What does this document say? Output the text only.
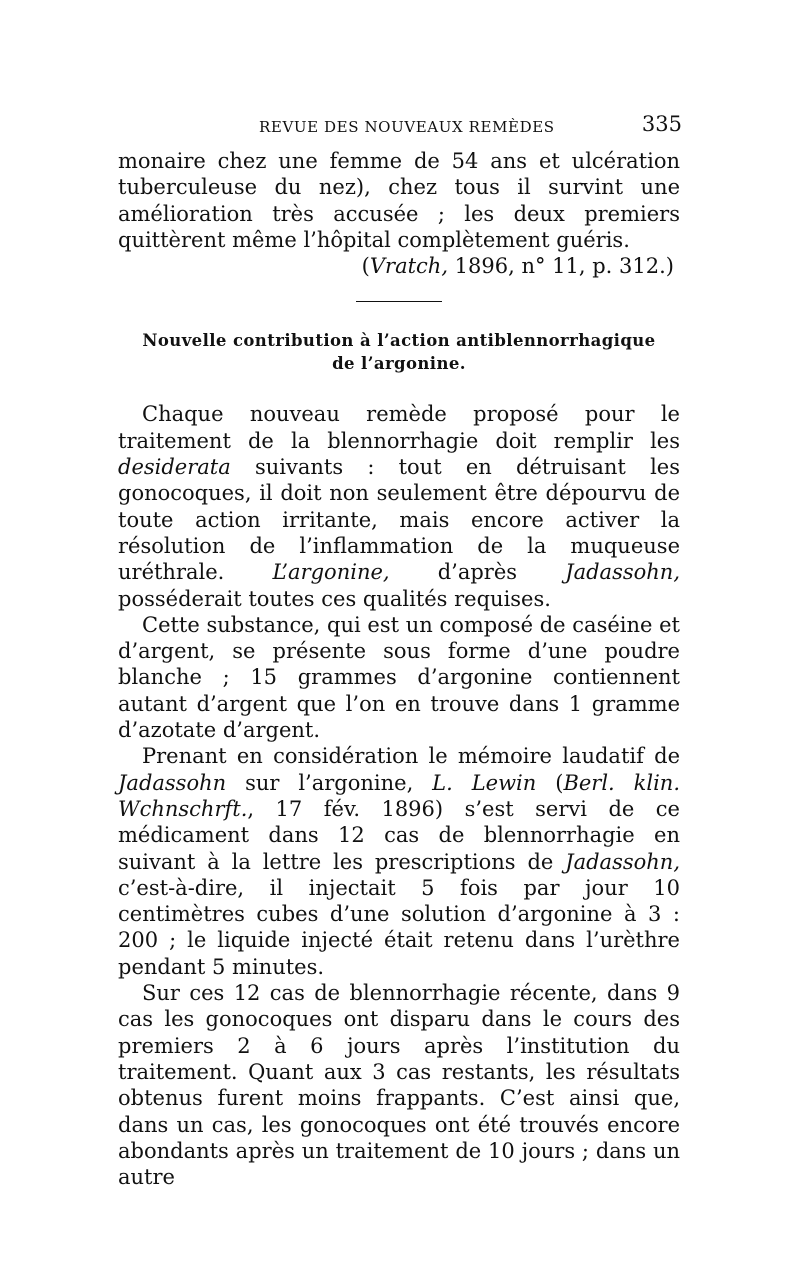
REVUE DES NOUVEAUX REMÈDES	335

monaire chez une femme de 54 ans et ulcération tuberculeuse du nez), chez tous il survint une amélioration très accusée ; les deux premiers quittèrent même l’hôpital complètement guéris.

(Vratch, 1896, n° 11, p. 312.)

Nouvelle contribution à l’action antiblennorrhagique
de l’argonine.

Chaque nouveau remède proposé pour le traitement de la blennorrhagie doit remplir les desiderata suivants : tout en détruisant les gonocoques, il doit non seulement être dépourvu de toute action irritante, mais encore activer la résolution de l’inflammation de la muqueuse uréthrale. L’argonine, d’après Jadassohn, posséderait toutes ces qualités requises.

Cette substance, qui est un composé de caséine et d’argent, se présente sous forme d’une poudre blanche ; 15 grammes d’argonine contiennent autant d’argent que l’on en trouve dans 1 gramme d’azotate d’argent.

Prenant en considération le mémoire laudatif de Jadassohn sur l’argonine, L. Lewin (Berl. klin. Wchnschrft., 17 fév. 1896) s’est servi de ce médicament dans 12 cas de blennorrhagie en suivant à la lettre les prescriptions de Jadassohn, c’est-à-dire, il injectait 5 fois par jour 10 centimètres cubes d’une solution d’argonine à 3 : 200 ; le liquide injecté était retenu dans l’urèthre pendant 5 minutes.

Sur ces 12 cas de blennorrhagie récente, dans 9 cas les gonocoques ont disparu dans le cours des premiers 2 à 6 jours après l’institution du traitement. Quant aux 3 cas restants, les résultats obtenus furent moins frappants. C’est ainsi que, dans un cas, les gonocoques ont été trouvés encore abondants après un traitement de 10 jours ; dans un autre
